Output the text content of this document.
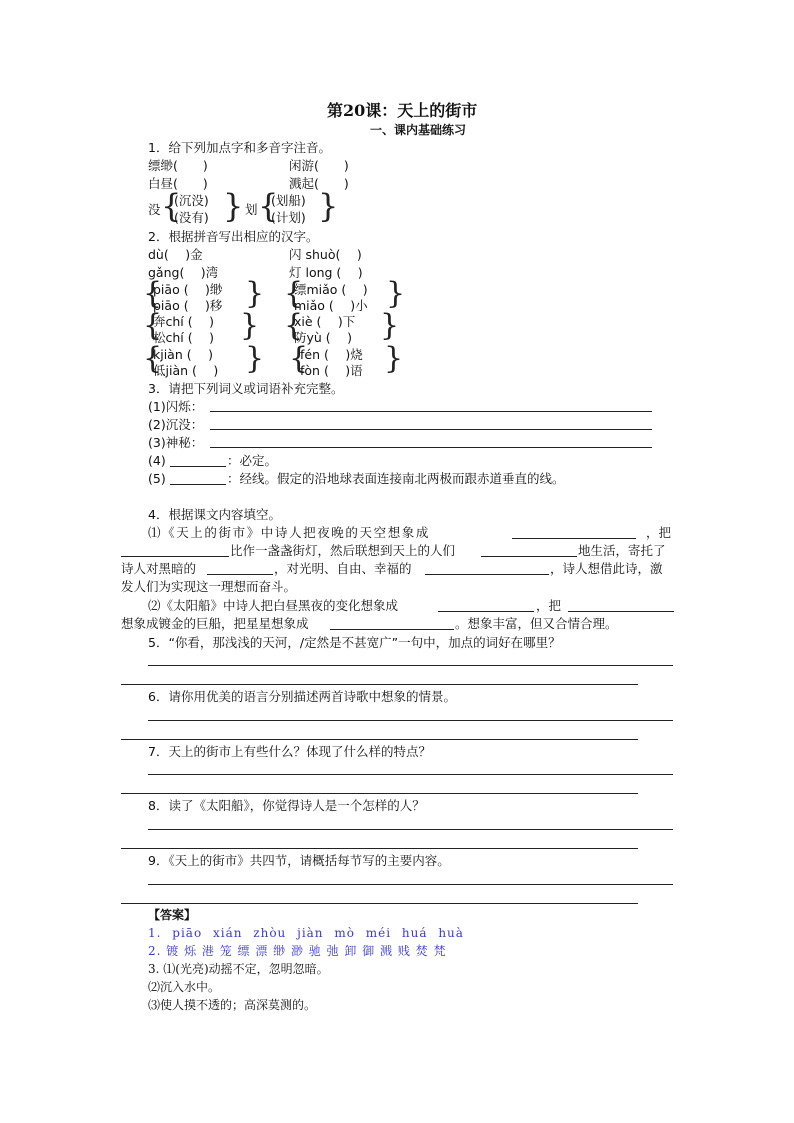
第20课：天上的街市
一、课内基础练习
1．给下列加点字和多音字注音。
缥缈(　　)	闲游(　　)
白昼(　　)	溅起(　　)
没 {
(沉没)
(没有) } 划 {
(划船)
(计划) }
2．根据拼音写出相应的汉字。
dù(　 )金	闪 shuò(　 )
gǎng(　 )湾	灯 long (　 )
{
piāo (　 )缈
piāo (　 )移 } {
缥miǎo (　 )
miǎo (　 )小 }
{
奔chí (　 )
松chí (　 ) } {
xiè (　 )下
防yù (　 ) }
{
kjiàn (　 )
低jiàn (　 ) } {
fén (　 )烧
fòn (　 )语 }
3．请把下列词义或词语补充完整。
(1)闪烁：
(2)沉没：
(3)神秘：
(4)	：必定。
(5)	：经线。假定的沿地球表面连接南北两极而跟赤道垂直的线。
4．根据课文内容填空。
⑴《天上的街市》中诗人把夜晚的天空想象成	，把
比作一盏盏街灯，然后联想到天上的人们	地生活，寄托了
诗人对黑暗的	，对光明、自由、幸福的	，诗人想借此诗，激
发人们为实现这一理想而奋斗。
⑵《太阳船》中诗人把白昼黑夜的变化想象成	，把
想象成镀金的巨船，把星星想象成	。想象丰富，但又合情合理。
5．“你看，那浅浅的天河，/定然是不甚宽广”一句中，加点的词好在哪里？
6．请你用优美的语言分别描述两首诗歌中想象的情景。
7．天上的街市上有些什么？体现了什么样的特点？
8．读了《太阳船》，你觉得诗人是一个怎样的人？
9．《天上的街市》共四节，请概括每节写的主要内容。
【答案】
1. piāo xián zhòu jiàn mò méi huá huà
2. 镀 烁 港 笼 缥 漂 缈 渺 驰 弛 卸 御 溅 贱 焚 梵
3. ⑴(光亮)动摇不定，忽明忽暗。
⑵沉入水中。
⑶使人摸不透的；高深莫测的。
